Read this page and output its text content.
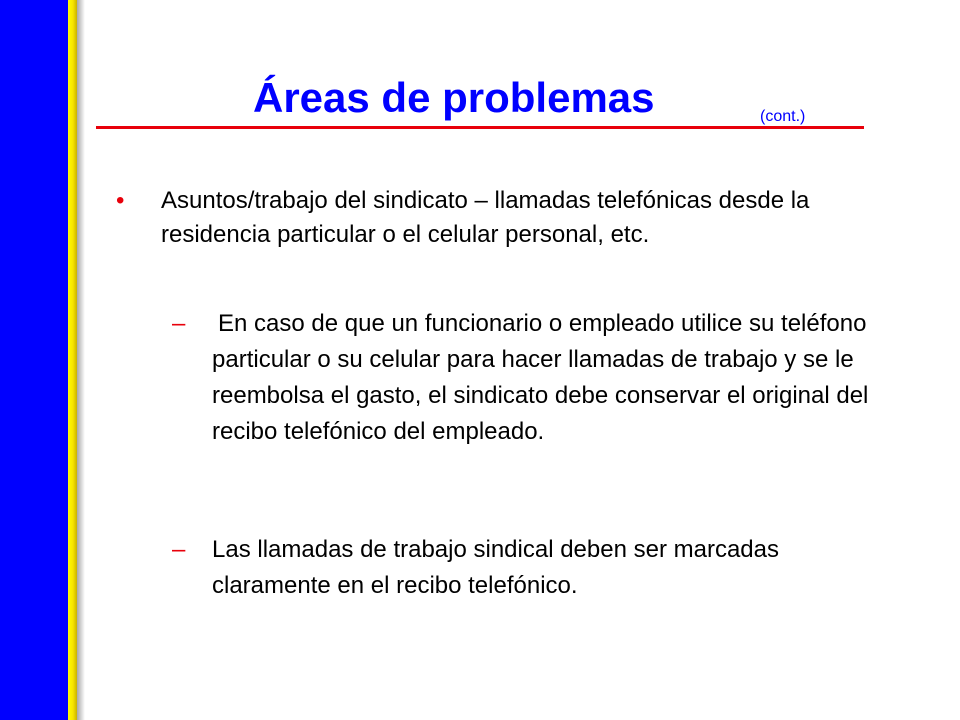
Áreas de problemas	(cont.)
•	Asuntos/trabajo del sindicato – llamadas telefónicas desde la residencia particular o el celular personal, etc.
–	En caso de que un funcionario o empleado utilice su teléfono particular o su celular para hacer llamadas de trabajo y se le reembolsa el gasto, el sindicato debe conservar el original del recibo telefónico del empleado.
–	Las llamadas de trabajo sindical deben ser marcadas claramente en el recibo telefónico.
